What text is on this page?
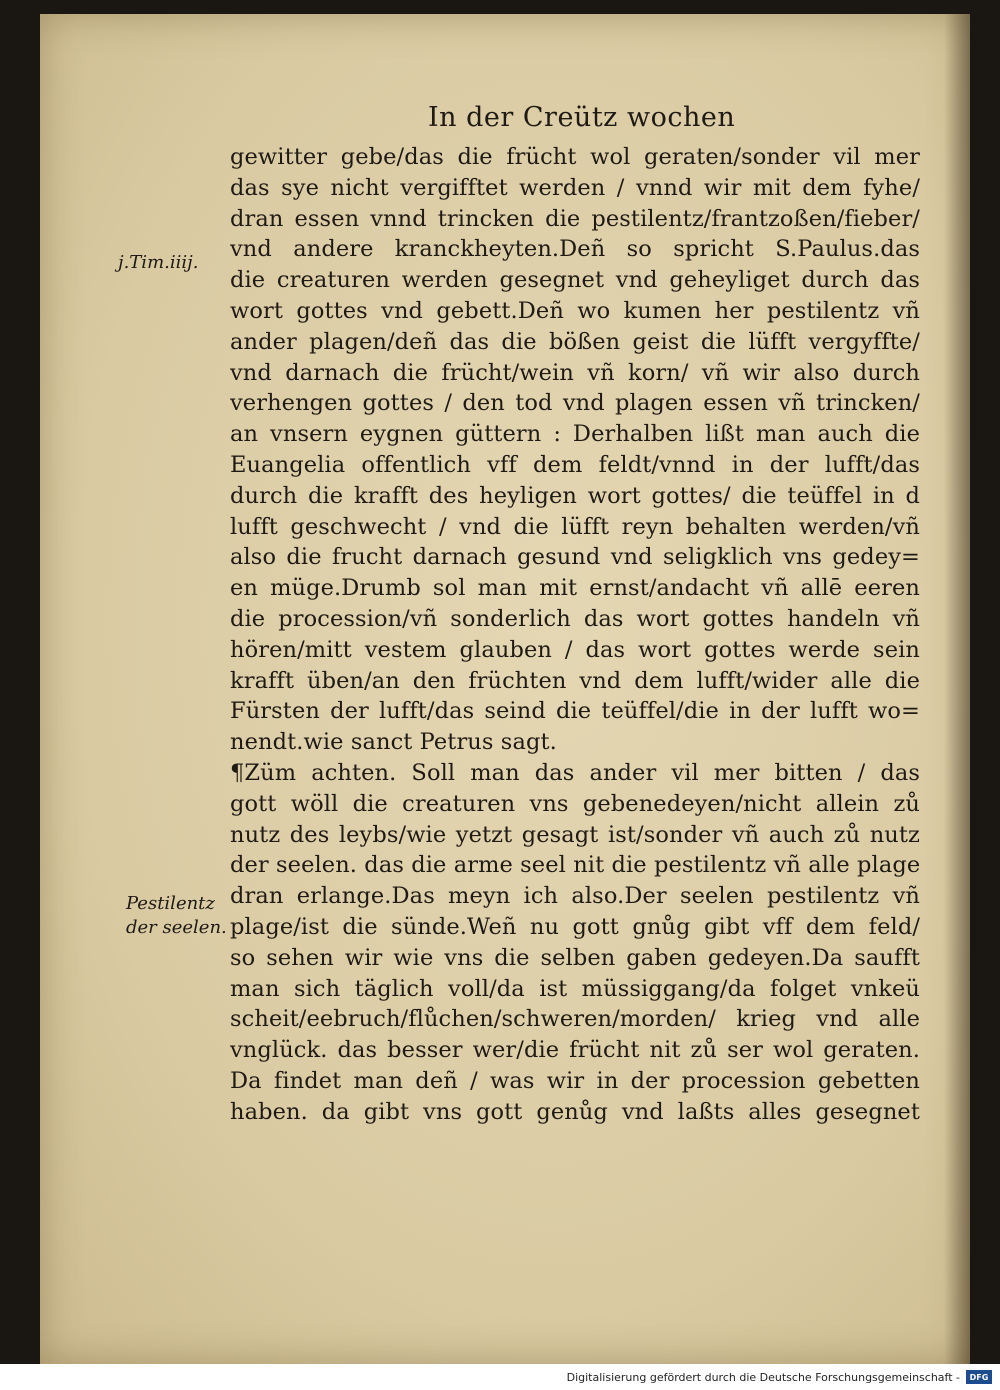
In der Creütz wochen
j.Tim.iiij.
Pestilentz
der seelen.
gewitter gebe/das die frücht wol geraten/sonder vil mer
das sye nicht vergifftet werden / vnnd wir mit dem fyhe/
dran essen vnnd trincken die pestilentz/frantzoßen/fieber/
vnd andere kranckheyten.Deñ so spricht S.Paulus.das
die creaturen werden gesegnet vnd geheyliget durch das
wort gottes vnd gebett.Deñ wo kumen her pestilentz vñ
ander plagen/deñ das die bößen geist die lüfft vergyffte/
vnd darnach die frücht/wein vñ korn/ vñ wir also durch
verhengen gottes / den tod vnd plagen essen vñ trincken/
an vnsern eygnen güttern : Derhalben lißt man auch die
Euangelia offentlich vff dem feldt/vnnd in der lufft/das
durch die krafft des heyligen wort gottes/ die teüffel in d
lufft geschwecht / vnd die lüfft reyn behalten werden/vñ
also die frucht darnach gesund vnd seligklich vns gedey=
en müge.Drumb sol man mit ernst/andacht vñ allē eeren
die procession/vñ sonderlich das wort gottes handeln vñ
hören/mitt vestem glauben / das wort gottes werde sein
krafft üben/an den früchten vnd dem lufft/wider alle die
Fürsten der lufft/das seind die teüffel/die in der lufft wo=
nendt.wie sanct Petrus sagt.
¶Züm achten. Soll man das ander vil mer bitten / das
gott wöll die creaturen vns gebenedeyen/nicht allein zů
nutz des leybs/wie yetzt gesagt ist/sonder vñ auch zů nutz
der seelen. das die arme seel nit die pestilentz vñ alle plage
dran erlange.Das meyn ich also.Der seelen pestilentz vñ
plage/ist die sünde.Weñ nu gott gnůg gibt vff dem feld/
so sehen wir wie vns die selben gaben gedeyen.Da saufft
man sich täglich voll/da ist müssiggang/da folget vnkeü
scheit/eebruch/flůchen/schweren/morden/ krieg vnd alle
vnglück. das besser wer/die frücht nit zů ser wol geraten.
Da findet man deñ / was wir in der procession gebetten
haben. da gibt vns gott genůg vnd laßts alles gesegnet
Digitalisierung gefördert durch die Deutsche Forschungsgemeinschaft -	DFG
